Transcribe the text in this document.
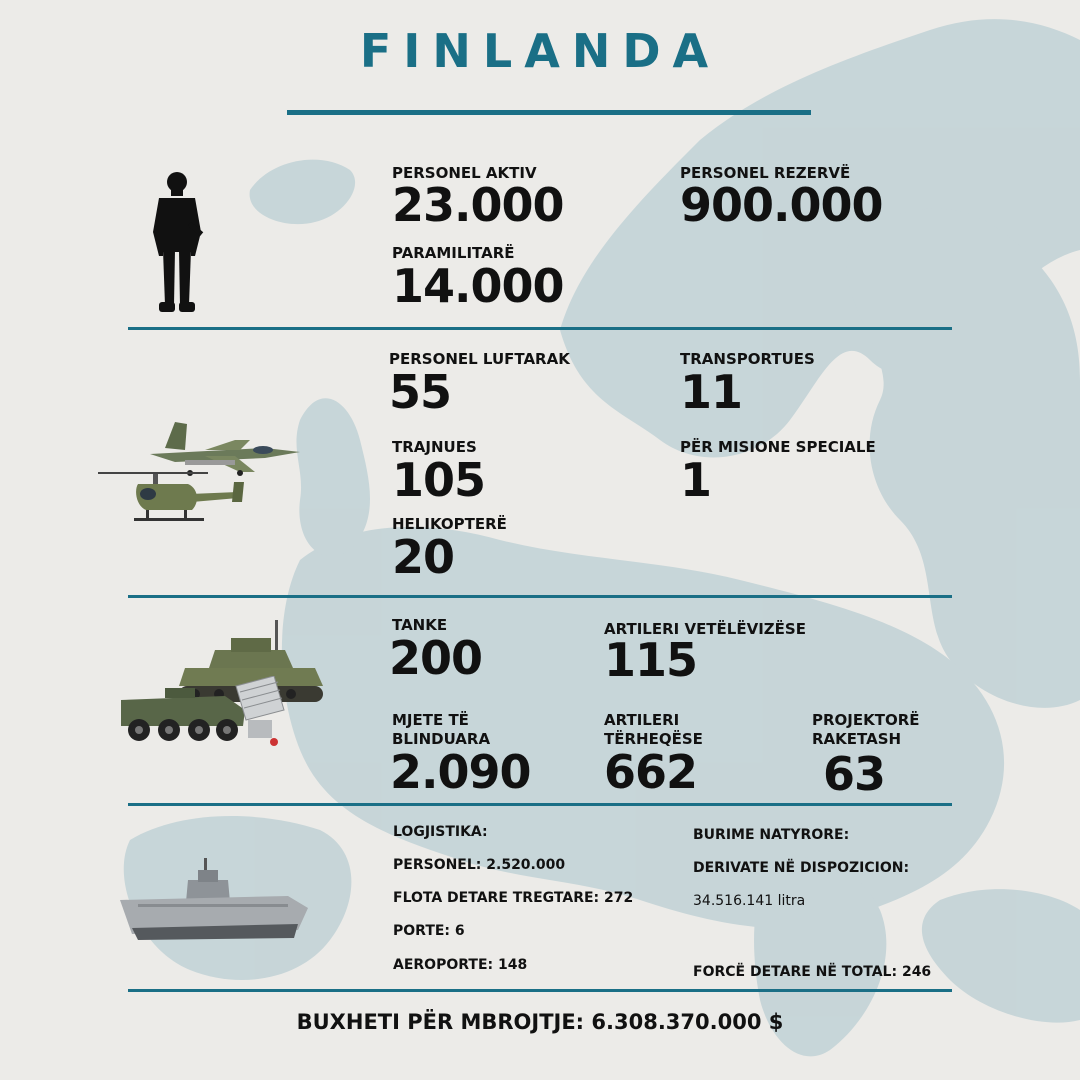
FINLANDA
PERSONEL AKTIV
23.000
PARAMILITARË
14.000
PERSONEL REZERVË
900.000
PERSONEL LUFTARAK
55
TRAJNUES
105
HELIKOPTERË
20
TRANSPORTUES
11
PËR MISIONE SPECIALE
1
TANKE
200
ARTILERI VETËLËVIZËSE
115
MJETE TË
BLINDUARA
2.090
ARTILERI
TËRHEQËSE
662
PROJEKTORË
RAKETASH
63
LOGJISTIKA:
PERSONEL: 2.520.000
FLOTA DETARE TREGTARE: 272
PORTE: 6
AEROPORTE: 148
BURIME NATYRORE:
DERIVATE NË DISPOZICION:
34.516.141 litra
FORCË DETARE NË TOTAL: 246
BUXHETI PËR MBROJTJE: 6.308.370.000 $
